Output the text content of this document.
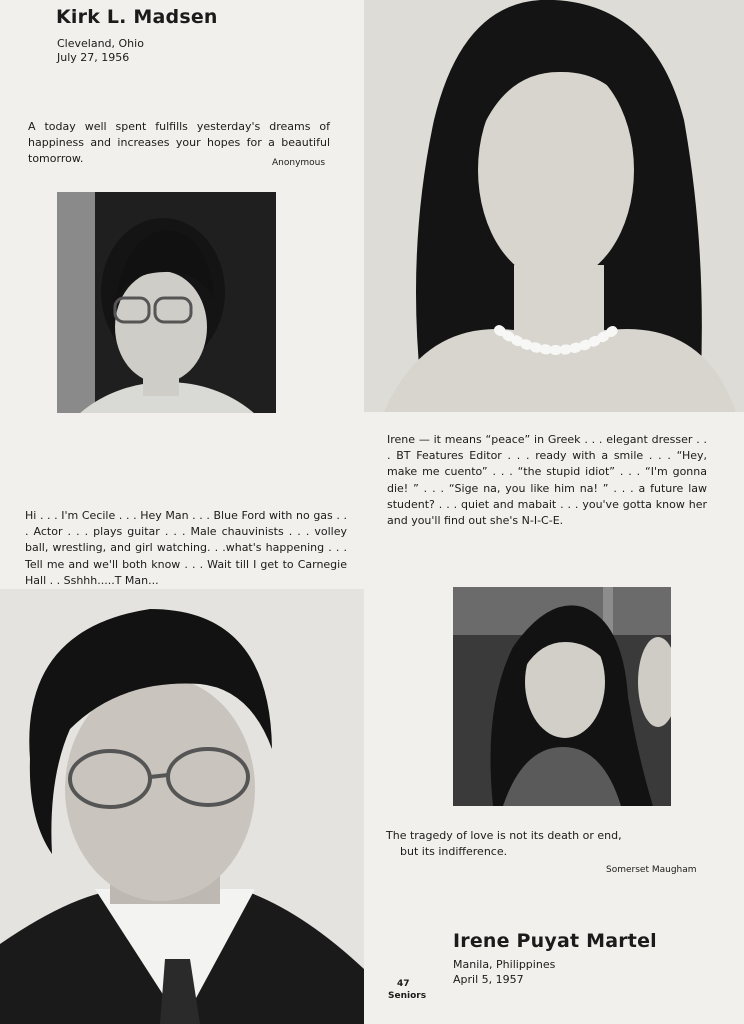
Kirk L. Madsen
Cleveland, Ohio
July 27, 1956
A today well spent fulfills yesterday's dreams of happiness and increases your hopes for a beautiful tomorrow.	Anonymous
Irene — it means “peace” in Greek . . . elegant dresser . . . BT Features Editor . . . ready with a smile . . . “Hey, make me cuento” . . . “the stupid idiot” . . . “I'm gonna die! ” . . . “Sige na, you like him na! ” . . . a future law student? . . . quiet and mabait . . . you've gotta know her and you'll find out she's N-I-C-E.
Hi . . . I'm Cecile . . . Hey Man . . . Blue Ford with no gas . . . Actor . . . plays guitar . . . Male chauvinists . . . volley ball, wrestling, and girl watching. . .what's happening . . . Tell me and we'll both know . . . Wait till I get to Carnegie Hall . . Sshhh.....T Man...
The tragedy of love is not its death or end,
but its indifference.
Somerset Maugham
Irene Puyat Martel
Manila, Philippines
April 5, 1957
47
Seniors
